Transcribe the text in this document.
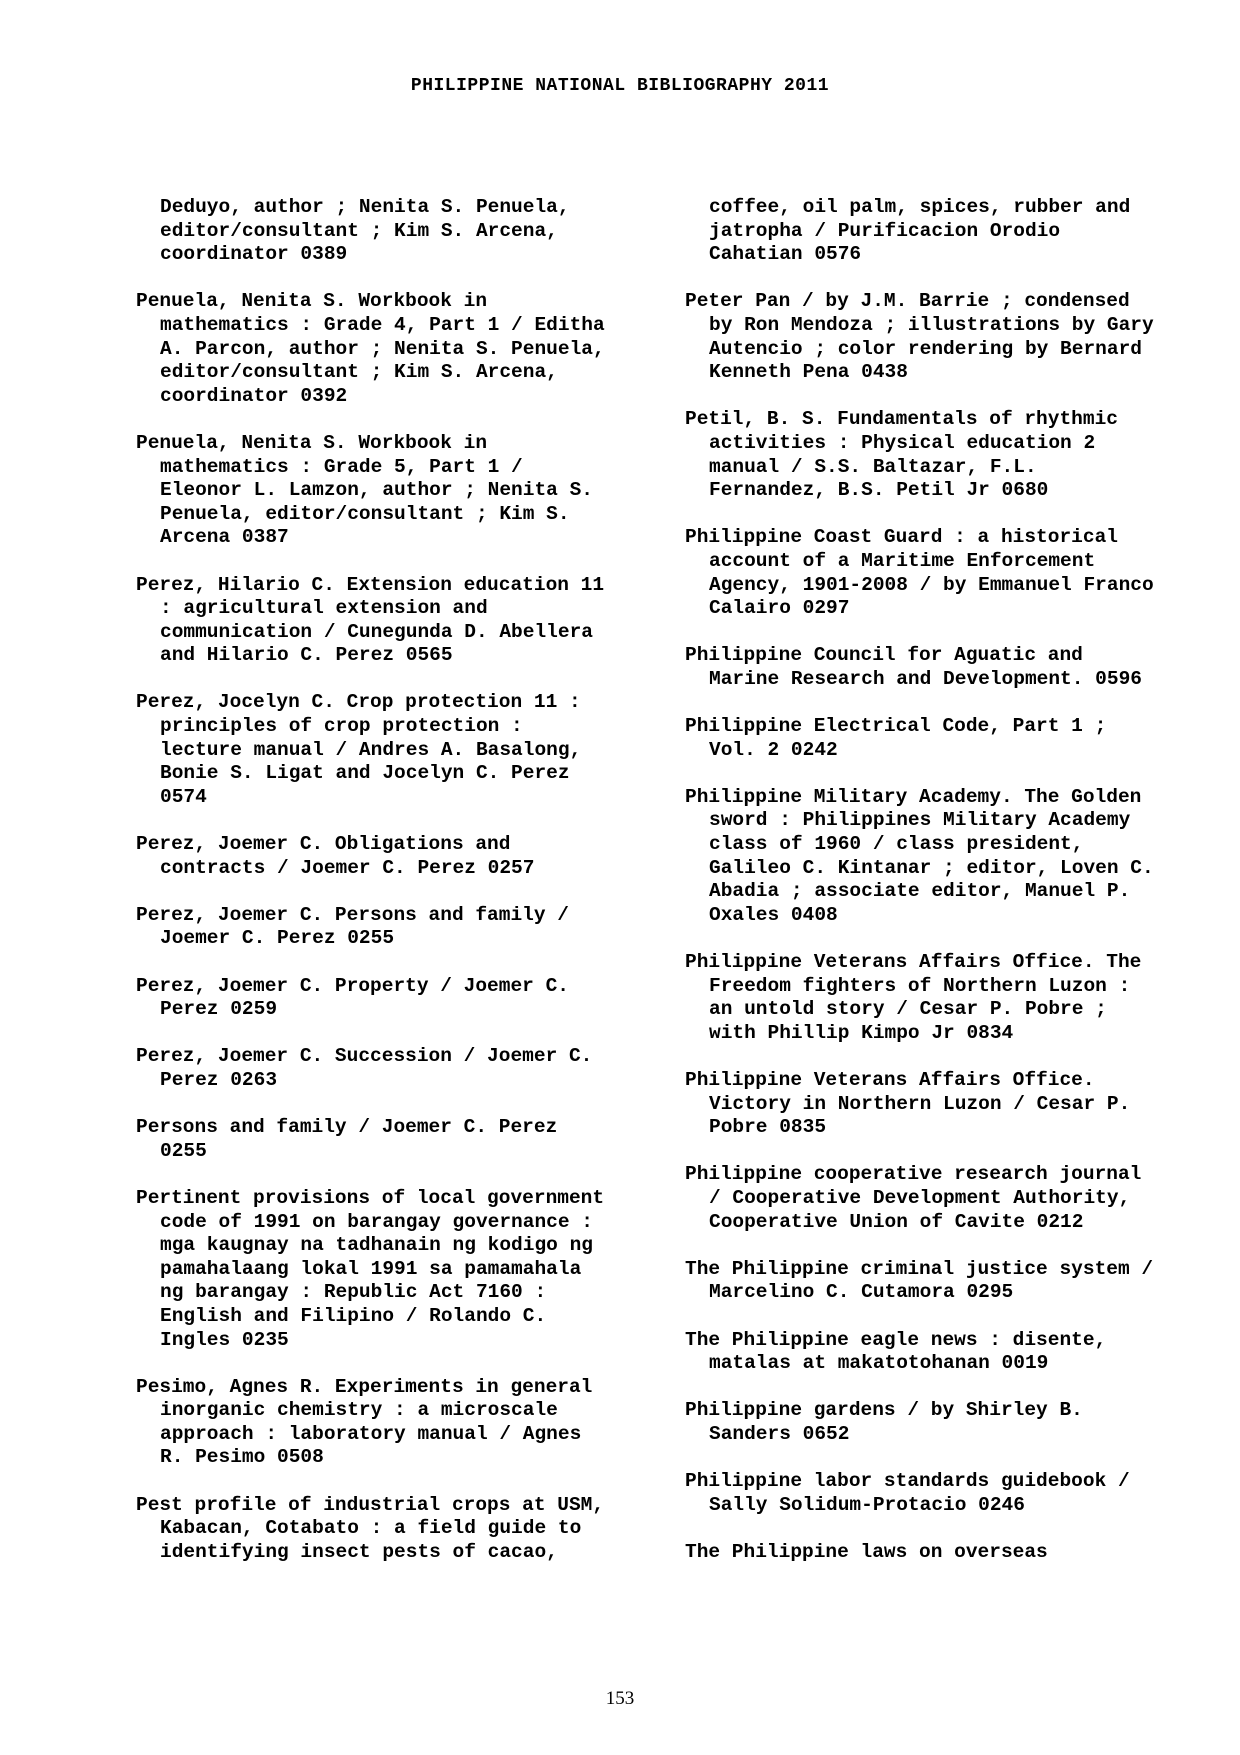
PHILIPPINE NATIONAL BIBLIOGRAPHY 2011

Deduyo, author ; Nenita S. Penuela,
editor/consultant ; Kim S. Arcena,
coordinator 0389

Penuela, Nenita S. Workbook in
mathematics : Grade 4, Part 1 / Editha
A. Parcon, author ; Nenita S. Penuela,
editor/consultant ; Kim S. Arcena,
coordinator 0392

Penuela, Nenita S. Workbook in
mathematics : Grade 5, Part 1 /
Eleonor L. Lamzon, author ; Nenita S.
Penuela, editor/consultant ; Kim S.
Arcena 0387

Perez, Hilario C. Extension education 11
: agricultural extension and
communication / Cunegunda D. Abellera
and Hilario C. Perez 0565

Perez, Jocelyn C. Crop protection 11 :
principles of crop protection :
lecture manual / Andres A. Basalong,
Bonie S. Ligat and Jocelyn C. Perez
0574

Perez, Joemer C. Obligations and
contracts / Joemer C. Perez 0257

Perez, Joemer C. Persons and family /
Joemer C. Perez 0255

Perez, Joemer C. Property / Joemer C.
Perez 0259

Perez, Joemer C. Succession / Joemer C.
Perez 0263

Persons and family / Joemer C. Perez
0255

Pertinent provisions of local government
code of 1991 on barangay governance :
mga kaugnay na tadhanain ng kodigo ng
pamahalaang lokal 1991 sa pamamahala
ng barangay : Republic Act 7160 :
English and Filipino / Rolando C.
Ingles 0235

Pesimo, Agnes R. Experiments in general
inorganic chemistry : a microscale
approach : laboratory manual / Agnes
R. Pesimo 0508

Pest profile of industrial crops at USM,
Kabacan, Cotabato : a field guide to
identifying insect pests of cacao,

coffee, oil palm, spices, rubber and
jatropha / Purificacion Orodio
Cahatian 0576

Peter Pan / by J.M. Barrie ; condensed
by Ron Mendoza ; illustrations by Gary
Autencio ; color rendering by Bernard
Kenneth Pena 0438

Petil, B. S. Fundamentals of rhythmic
activities : Physical education 2
manual / S.S. Baltazar, F.L.
Fernandez, B.S. Petil Jr 0680

Philippine Coast Guard : a historical
account of a Maritime Enforcement
Agency, 1901-2008 / by Emmanuel Franco
Calairo 0297

Philippine Council for Aguatic and
Marine Research and Development. 0596

Philippine Electrical Code, Part 1 ;
Vol. 2 0242

Philippine Military Academy. The Golden
sword : Philippines Military Academy
class of 1960 / class president,
Galileo C. Kintanar ; editor, Loven C.
Abadia ; associate editor, Manuel P.
Oxales 0408

Philippine Veterans Affairs Office. The
Freedom fighters of Northern Luzon :
an untold story / Cesar P. Pobre ;
with Phillip Kimpo Jr 0834

Philippine Veterans Affairs Office.
Victory in Northern Luzon / Cesar P.
Pobre 0835

Philippine cooperative research journal
/ Cooperative Development Authority,
Cooperative Union of Cavite 0212

The Philippine criminal justice system /
Marcelino C. Cutamora 0295

The Philippine eagle news : disente,
matalas at makatotohanan 0019

Philippine gardens / by Shirley B.
Sanders 0652

Philippine labor standards guidebook /
Sally Solidum-Protacio 0246

The Philippine laws on overseas

153
